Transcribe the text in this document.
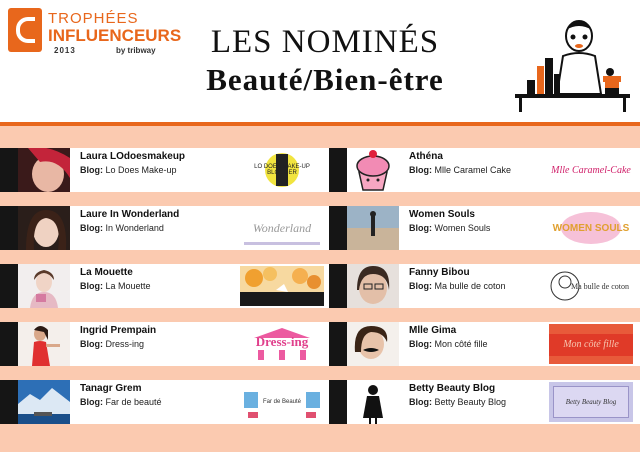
TROPHÉES
INFLUENCEURS
2013	by tribway	LES NOMINÉS
Beauté/Bien-être
Laura LOdoesmakeup
Blog: Lo Does Make-up	LO DOES MAKE-UP BLOGGER
Laure In Wonderland
Blog: In Wonderland	Wonderland
La Mouette
Blog: La Mouette
Ingrid Prempain
Blog: Dress-ing	Dress-ing
Tanagr Grem
Blog: Far de beauté	Far de Beauté
Athéna
Blog: Mlle Caramel Cake	Mlle Caramel-Cake
Women Souls
Blog: Women Souls	WOMEN SOULS
Fanny Bibou
Blog: Ma bulle de coton	Ma bulle de coton
Mlle Gima
Blog: Mon côté fille	Mon côté fille
Betty Beauty Blog
Blog: Betty Beauty Blog	Betty Beauty Blog
